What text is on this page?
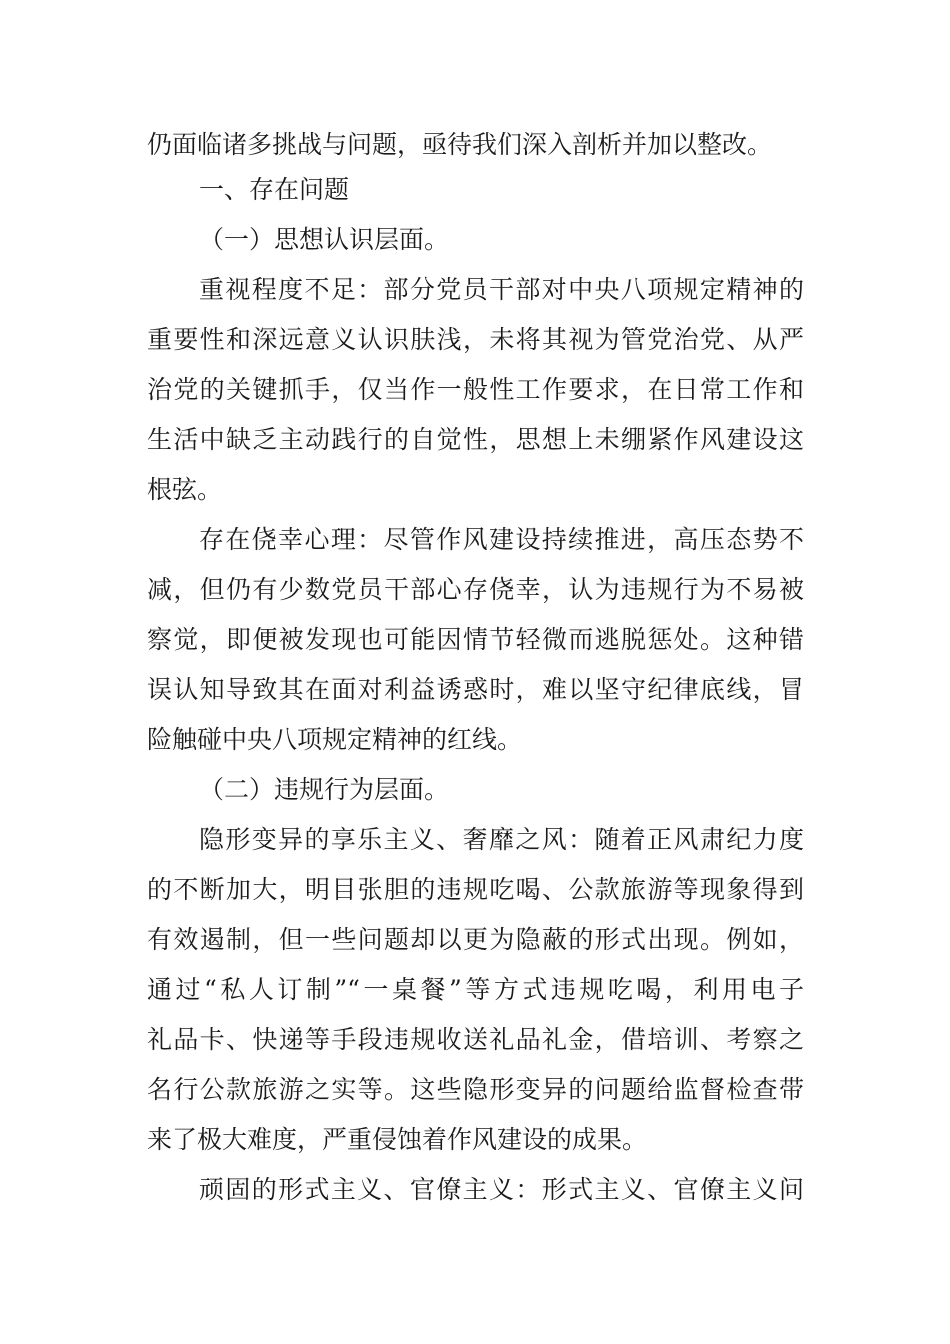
仍面临诸多挑战与问题，亟待我们深入剖析并加以整改。
一、存在问题
（一）思想认识层面。
重视程度不足：部分党员干部对中央八项规定精神的
重要性和深远意义认识肤浅，未将其视为管党治党、从严
治党的关键抓手，仅当作一般性工作要求，在日常工作和
生活中缺乏主动践行的自觉性，思想上未绷紧作风建设这
根弦。
存在侥幸心理：尽管作风建设持续推进，高压态势不
减，但仍有少数党员干部心存侥幸，认为违规行为不易被
察觉，即便被发现也可能因情节轻微而逃脱惩处。这种错
误认知导致其在面对利益诱惑时，难以坚守纪律底线，冒
险触碰中央八项规定精神的红线。
（二）违规行为层面。
隐形变异的享乐主义、奢靡之风：随着正风肃纪力度
的不断加大，明目张胆的违规吃喝、公款旅游等现象得到
有效遏制，但一些问题却以更为隐蔽的形式出现。例如，
通过“私人订制”“一桌餐”等方式违规吃喝，利用电子
礼品卡、快递等手段违规收送礼品礼金，借培训、考察之
名行公款旅游之实等。这些隐形变异的问题给监督检查带
来了极大难度，严重侵蚀着作风建设的成果。
顽固的形式主义、官僚主义：形式主义、官僚主义问
